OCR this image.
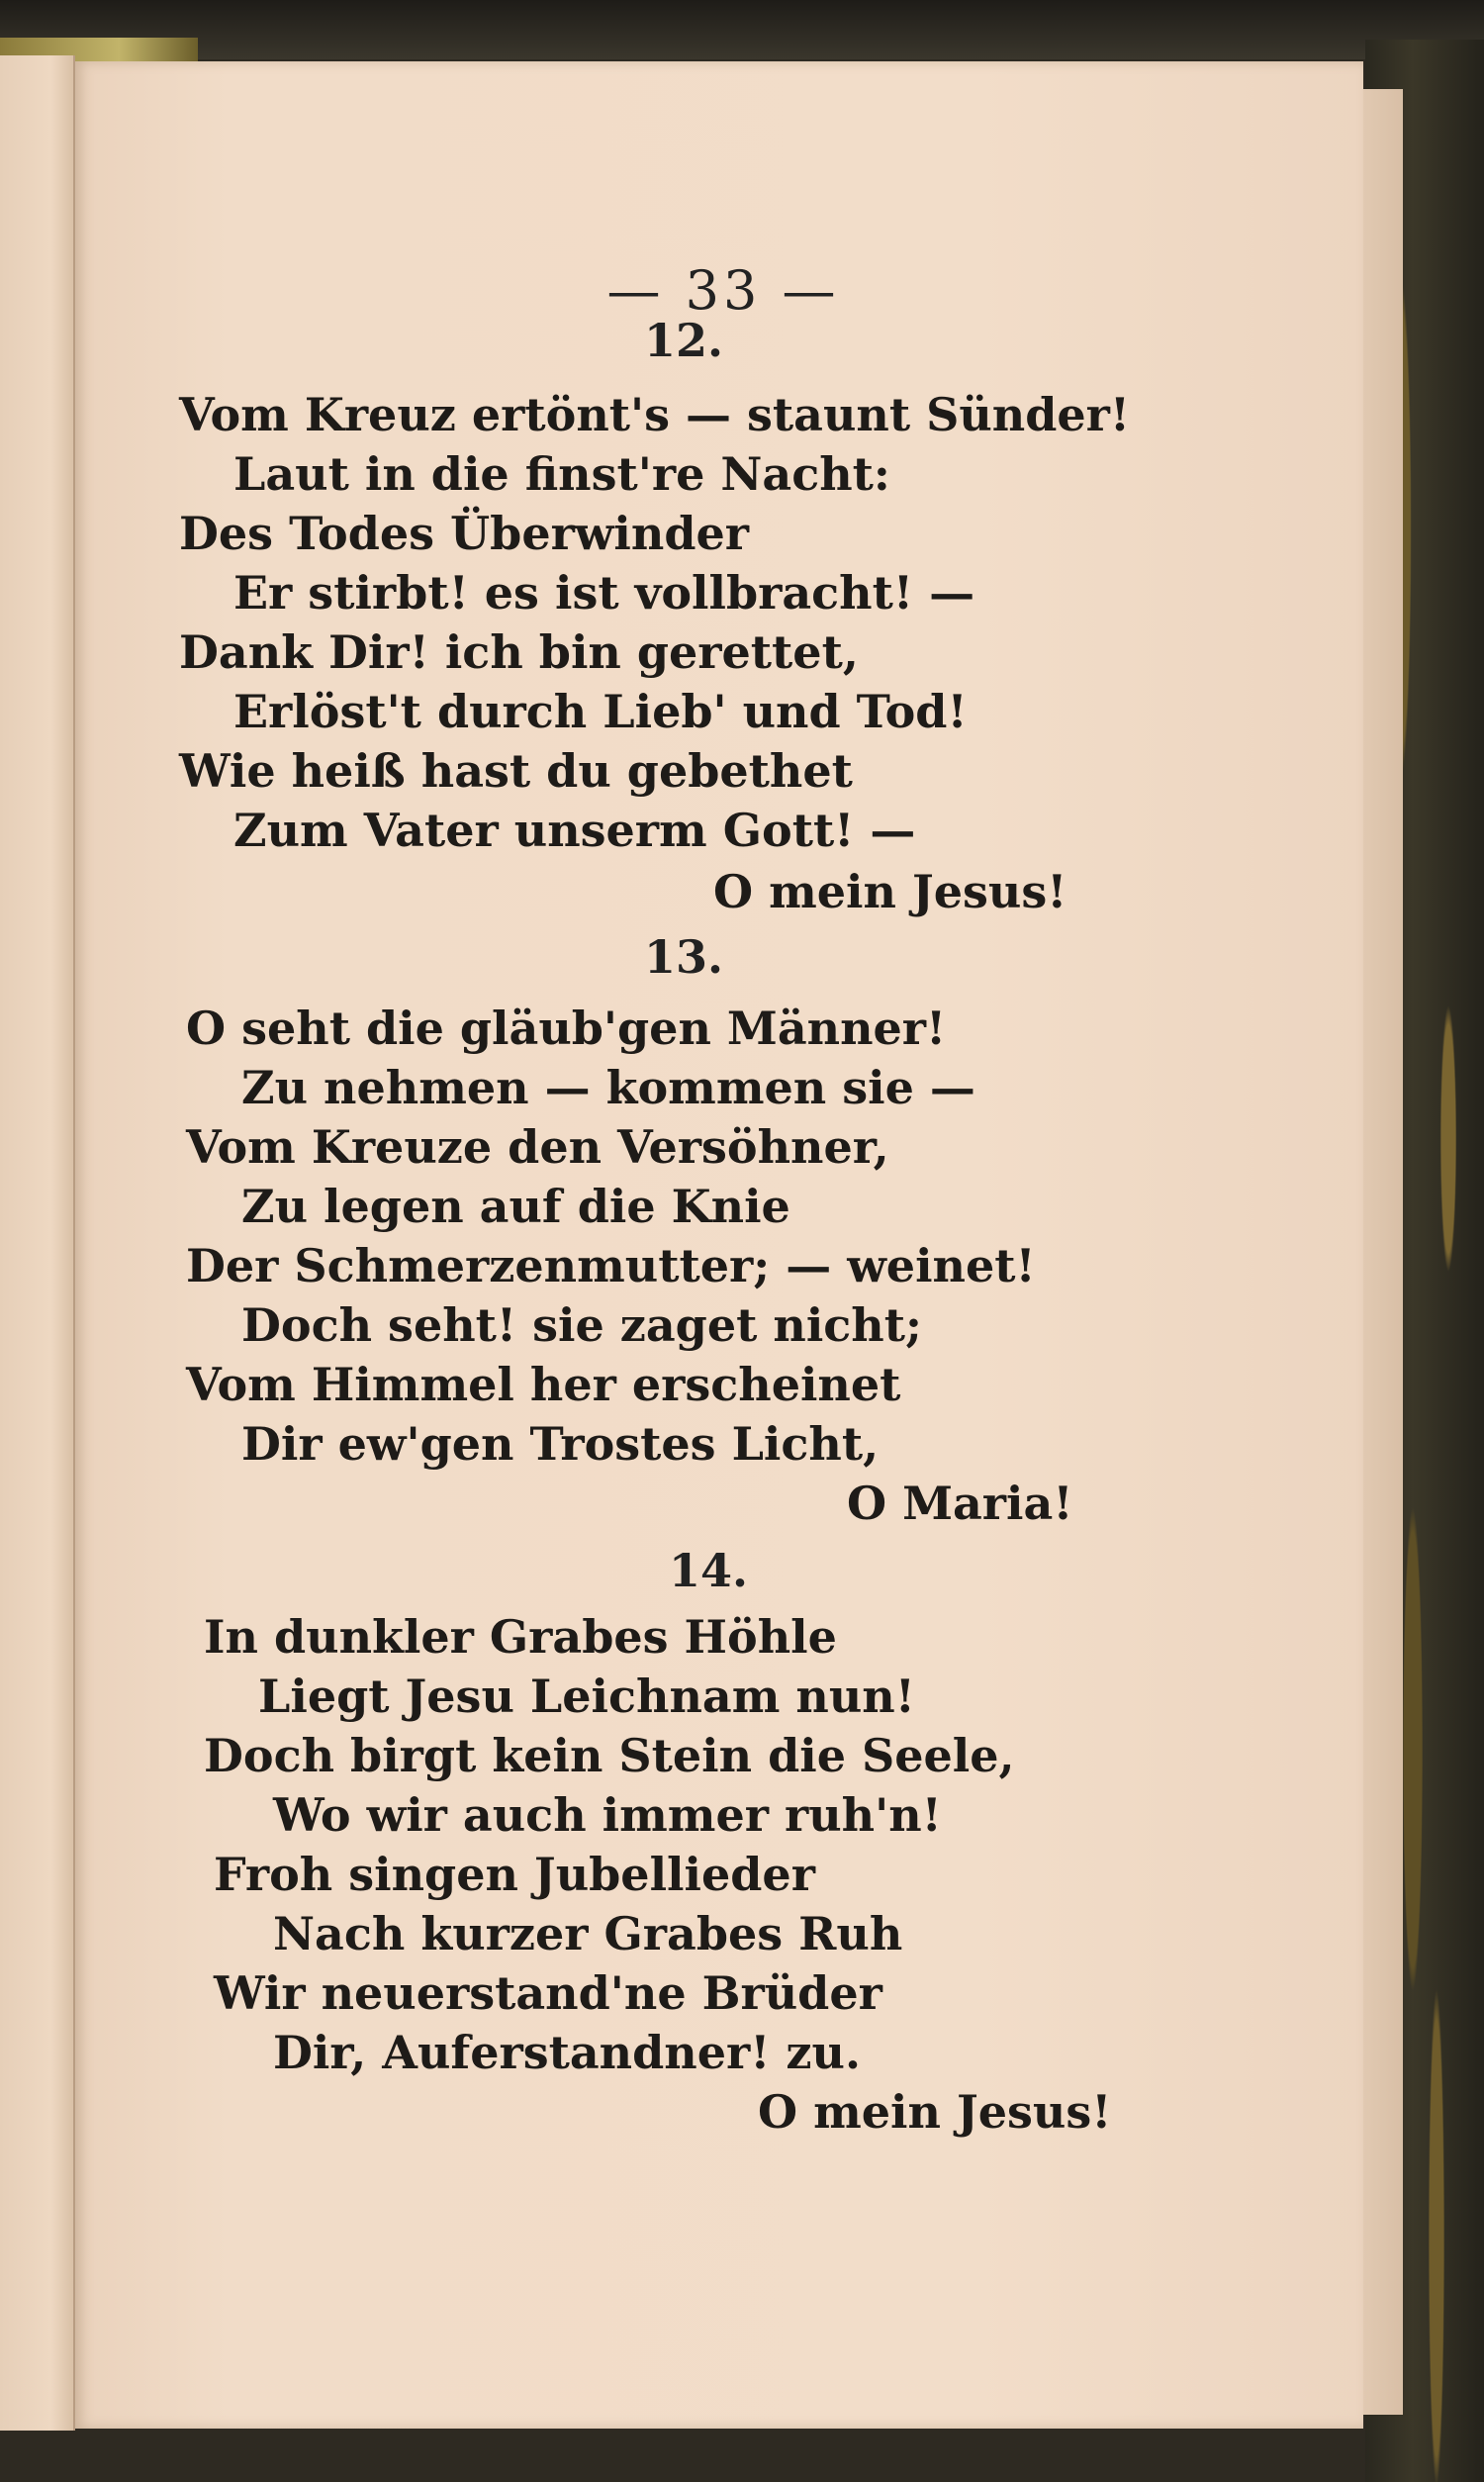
— 33 —
12.
Vom Kreuz ertönt's — staunt Sünder!
Laut in die finst're Nacht:
Des Todes Überwinder
Er stirbt! es ist vollbracht! —
Dank Dir! ich bin gerettet,
Erlöst't durch Lieb' und Tod!
Wie heiß hast du gebethet
Zum Vater unserm Gott! —
O mein Jesus!
13.
O seht die gläub'gen Männer!
Zu nehmen — kommen sie —
Vom Kreuze den Versöhner,
Zu legen auf die Knie
Der Schmerzenmutter; — weinet!
Doch seht! sie zaget nicht;
Vom Himmel her erscheinet
Dir ew'gen Trostes Licht,
O Maria!
14.
In dunkler Grabes Höhle
Liegt Jesu Leichnam nun!
Doch birgt kein Stein die Seele,
Wo wir auch immer ruh'n!
Froh singen Jubellieder
Nach kurzer Grabes Ruh
Wir neuerstand'ne Brüder
Dir, Auferstandner! zu.
O mein Jesus!
